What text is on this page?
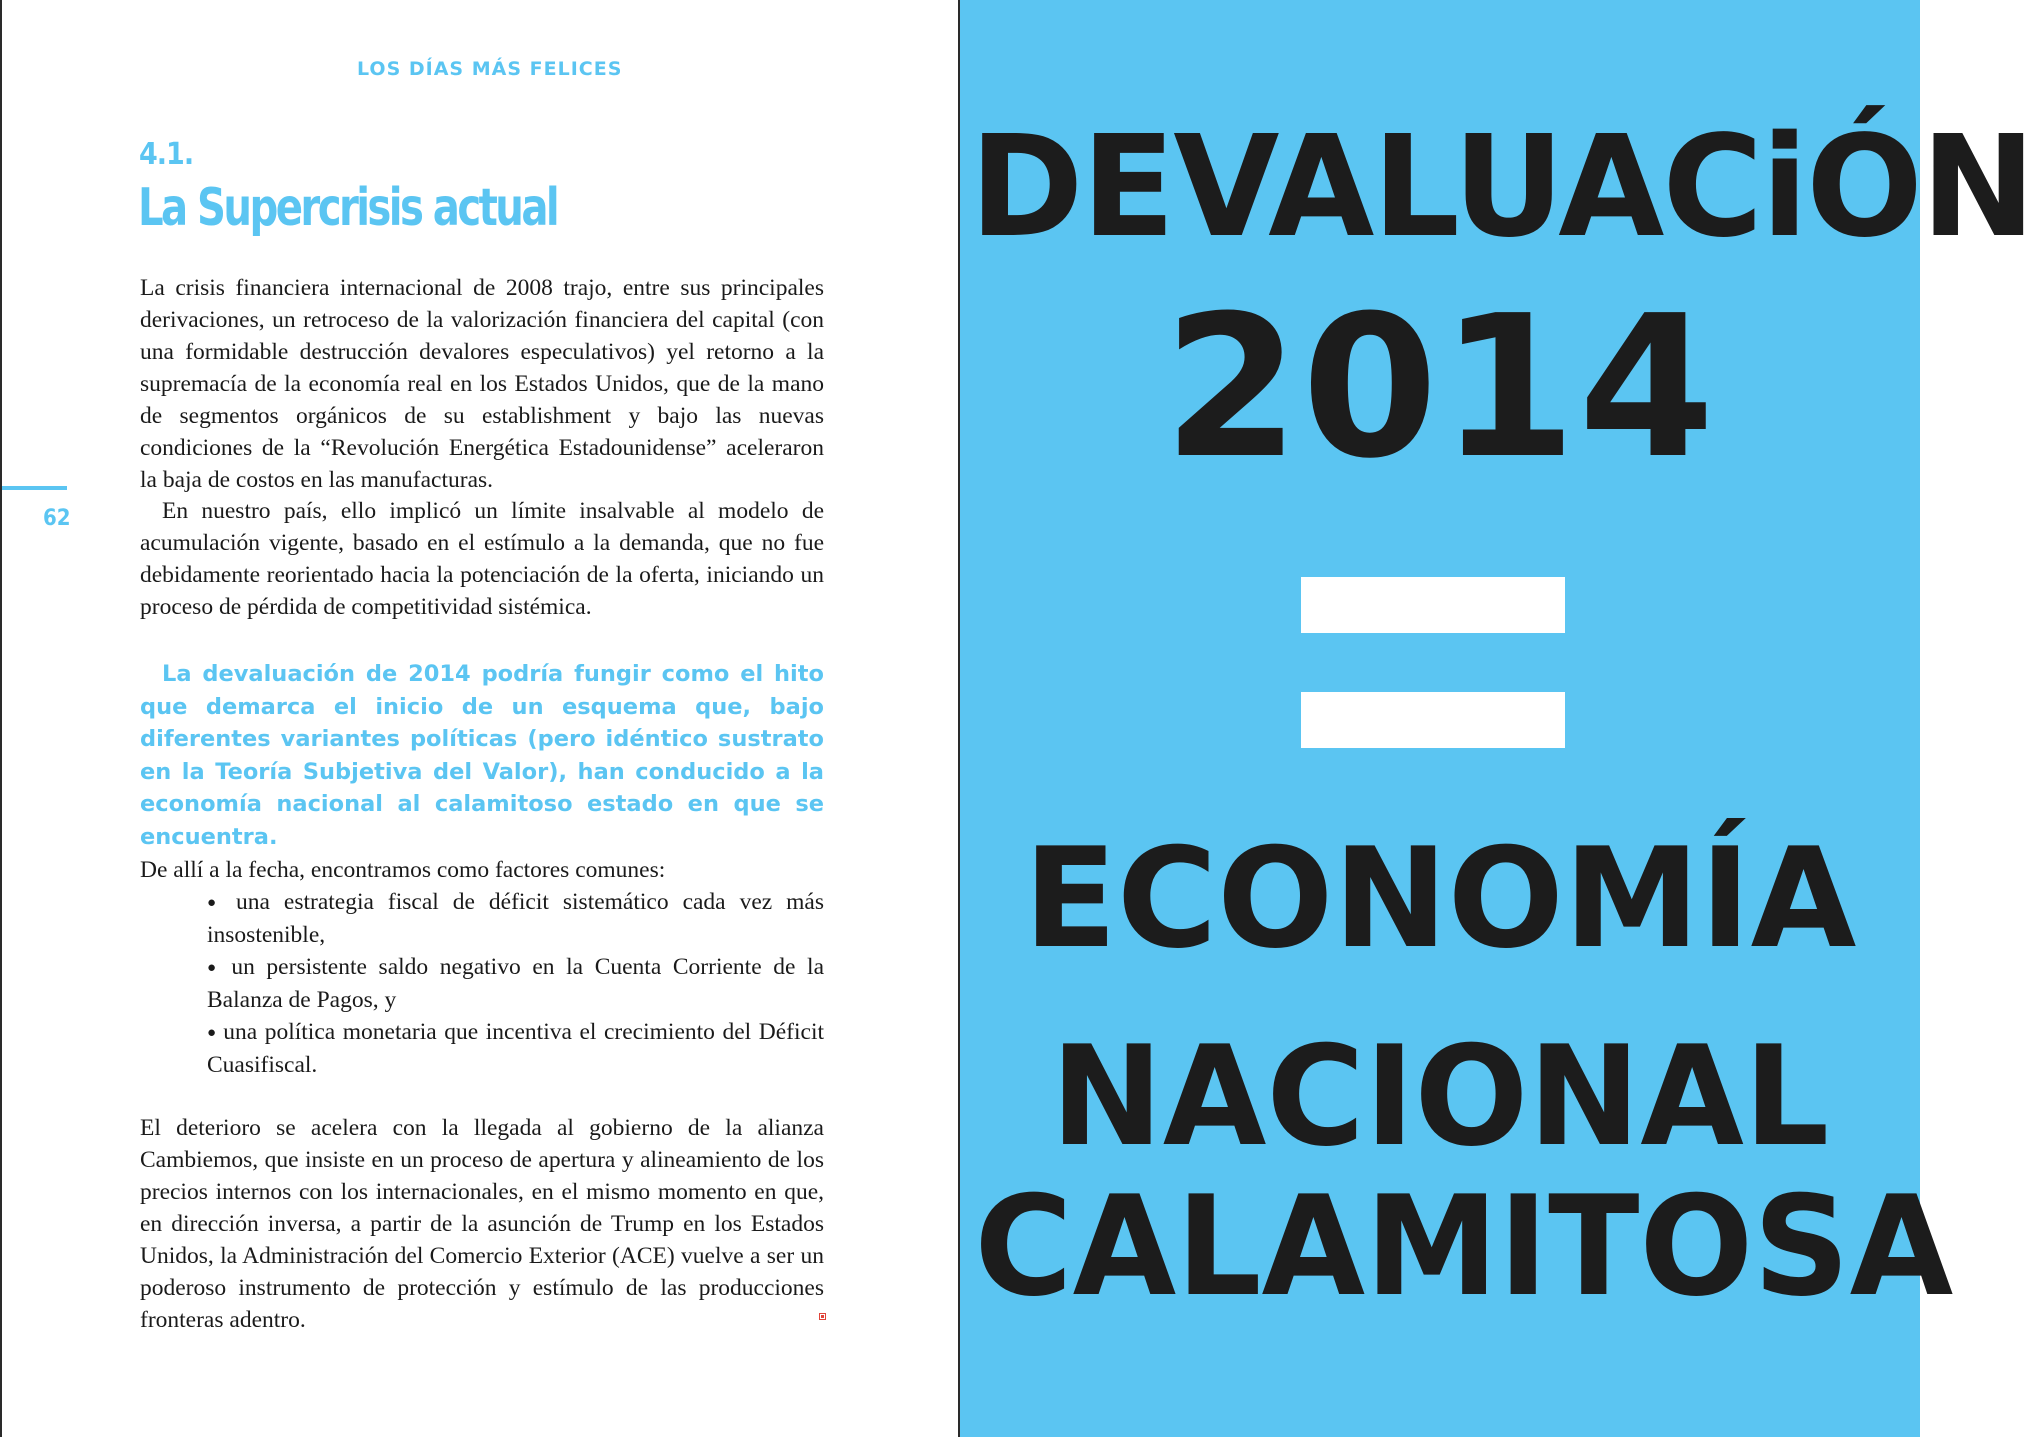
LOS DÍAS MÁS FELICES
4.1.
La Supercrisis actual
62

La crisis financiera internacional de 2008 trajo, entre sus principales derivaciones, un retroceso de la valorización financiera del capital (con una formidable destrucción devalores especulativos) yel retorno a la supremacía de la economía real en los Estados Unidos, que de la mano de segmentos orgánicos de su establishment y bajo las nuevas condiciones de la “Revolución Energética Estadounidense” aceleraron la baja de costos en las manufacturas.

En nuestro país, ello implicó un límite insalvable al modelo de acumulación vigente, basado en el estímulo a la demanda, que no fue debidamente reorientado hacia la potenciación de la oferta, iniciando un proceso de pérdida de competitividad sistémica.

La devaluación de 2014 podría fungir como el hito que demarca el inicio de un esquema que, bajo diferentes variantes políticas (pero idéntico sustrato en la Teoría Subjetiva del Valor), han conducido a la economía nacional al calamitoso estado en que se encuentra.

De allí a la fecha, encontramos como factores comunes:

● una estrategia fiscal de déficit sistemático cada vez más insostenible,
● un persistente saldo negativo en la Cuenta Corriente de la Balanza de Pagos, y
● una política monetaria que incentiva el crecimiento del Déficit Cuasifiscal.

El deterioro se acelera con la llegada al gobierno de la alianza Cambiemos, que insiste en un proceso de apertura y alineamiento de los precios internos con los internacionales, en el mismo momento en que, en dirección inversa, a partir de la asunción de Trump en los Estados Unidos, la Administración del Comercio Exterior (ACE) vuelve a ser un poderoso instrumento de protección y estímulo de las producciones fronteras adentro.

DEVALUACiÓN
2014
ECONOMÍA
NACIONAL
CALAMITOSA
